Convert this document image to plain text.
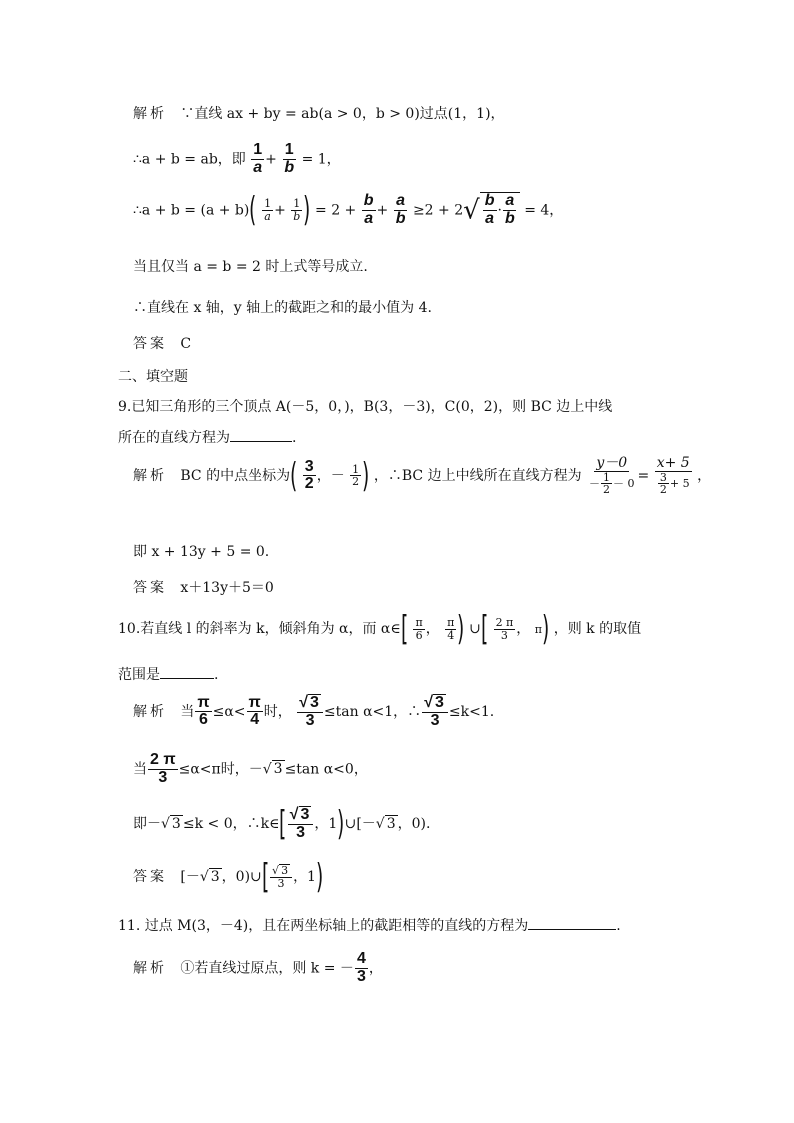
解析 ∵直线 ax + by = ab(a > 0，b > 0)过点(1，1)，
∴a + b = ab，即 $\frac{1}{a} + \frac{1}{b} = 1$，
∴a + $b = (a + b)( \frac{1}{a} + \frac{1}{b}$ ) = $2 + \frac{b}{a} + \frac{a}{b} \ge 2 + 2√ \frac{b}{a} \cdot \frac{a}{b} = 4$，
当且仅当 a = b = 2 时上式等号成立.
∴直线在 x 轴，y 轴上的截距之和的最小值为 4.
答案 C
二、填空题
9.已知三角形的三个顶点 A(－5，0，)，B(3，－3)，C(0，2)，则 BC 边上中线
所在的直线方程为	.
解析 BC 的中点坐标为( $\frac{3}{2}$ ，－ $\frac{1}{2}$ ) ，∴BC 边上中线所在直线方程为 $\frac{y-0}{- \frac{1}{2} - 0} = \frac{x+ 5}{\frac{3}{2} + 5}$ ，
即 x + 13y + 5 = 0.
答案 x＋13y＋5＝0
10.若直线 l 的斜率为 k，倾斜角为 α，而 α∈[ $\frac{\pi}{6}$ ， $\frac{\pi}{4}$ ) ∪[ $\frac{2 \pi}{3}$ ， π) ，则 k 的取值
范围是	.
解析 当 $\frac{\pi}{6} \le\alpha< \frac{\pi}{4}$ 时， $\frac{√ 3}{3} \le\tan$ α<1，∴ $\frac{√ 3}{3} \le k<1$.
当 $\frac{2 \pi}{3} \le\alpha<\pi$时，－√ 3 ≤tan α<0，
即－√ 3 ≤k < 0，∴k∈[ $\frac{√ 3}{3}$ ，1)∪[－√ 3 ，0).
答案 [－√ 3 ，0)∪[ $\frac{√ 3}{3}$ ，1)
11. 过点 M(3，－4)，且在两坐标轴上的截距相等的直线的方程为	.
解析 ①若直线过原点，则 k = － $\frac{4}{3}$ ，
